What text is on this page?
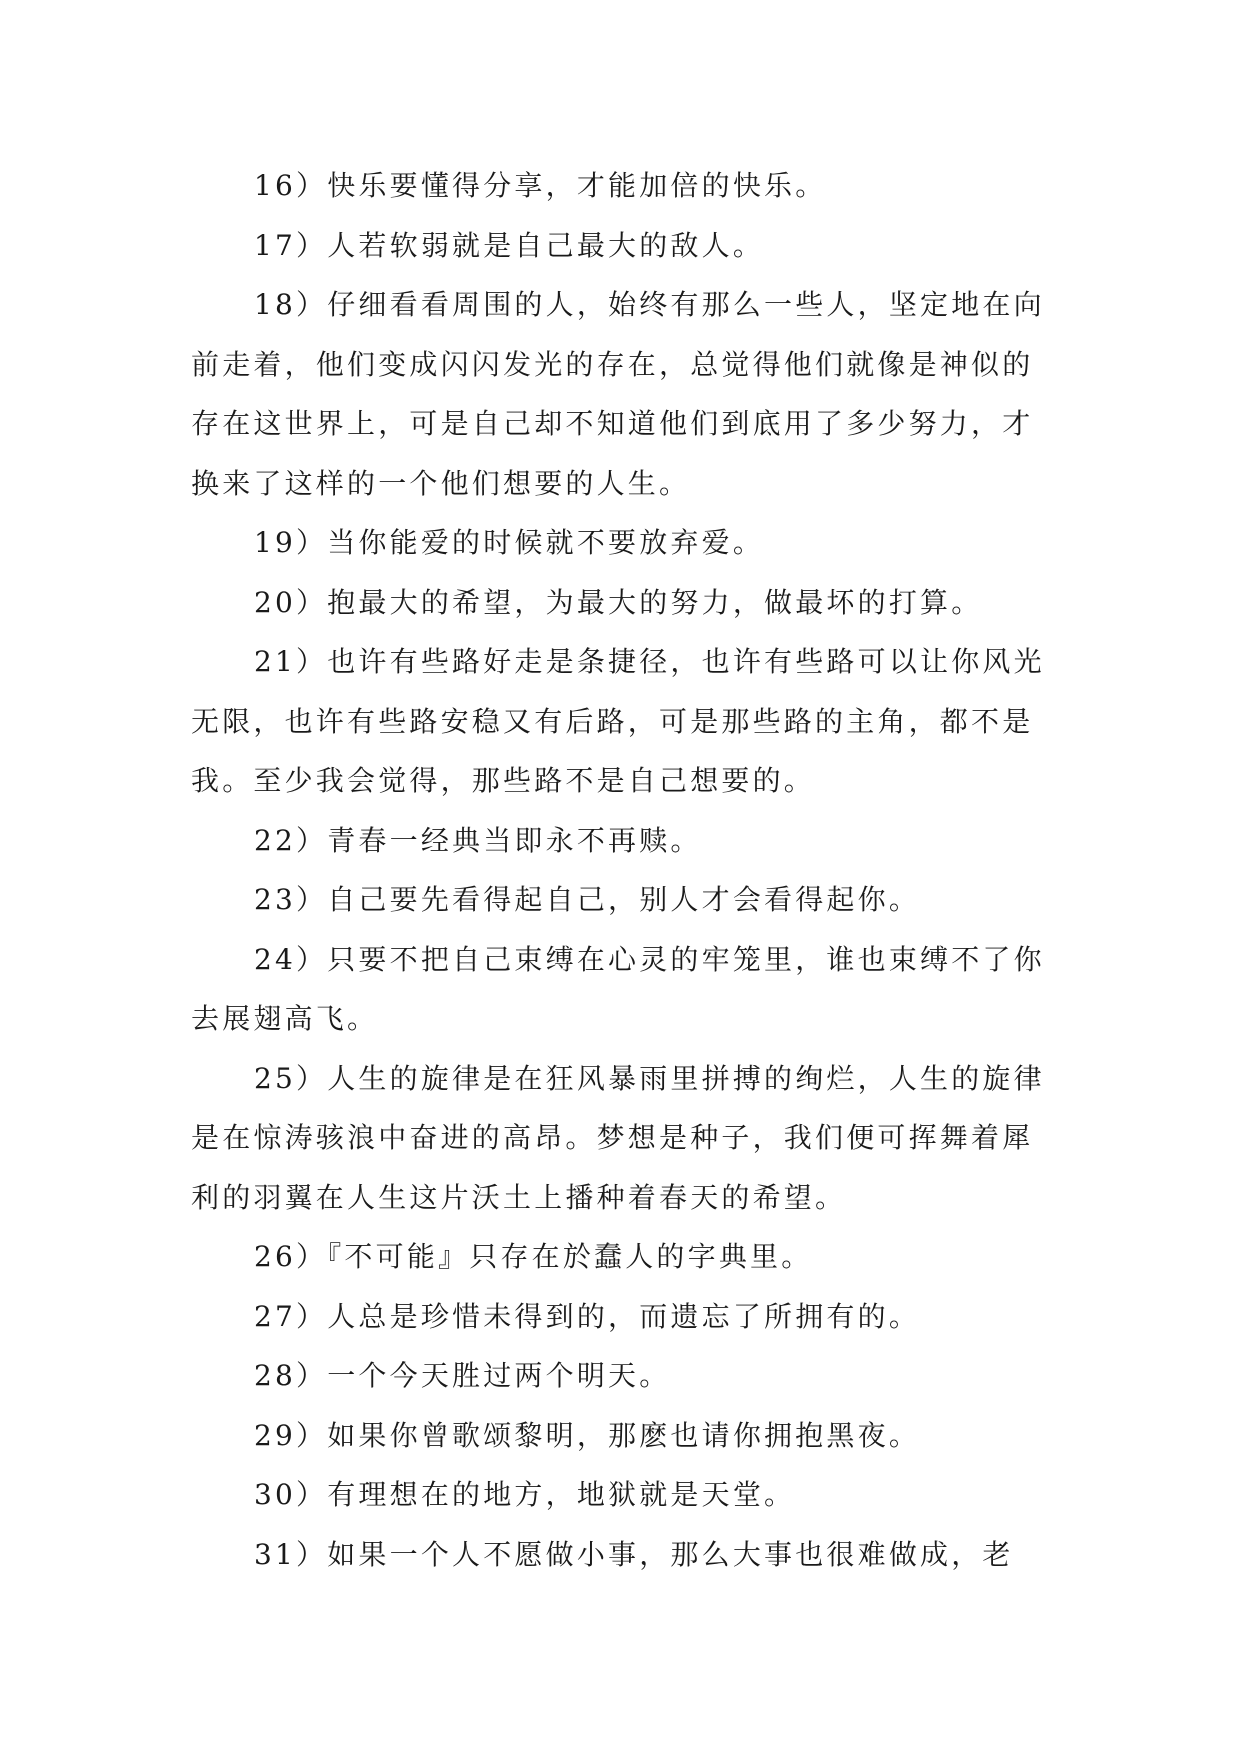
16）快乐要懂得分享，才能加倍的快乐。

17）人若软弱就是自己最大的敌人。

18）仔细看看周围的人，始终有那么一些人，坚定地在向前走着，他们变成闪闪发光的存在，总觉得他们就像是神似的存在这世界上，可是自己却不知道他们到底用了多少努力，才换来了这样的一个他们想要的人生。

19）当你能爱的时候就不要放弃爱。

20）抱最大的希望，为最大的努力，做最坏的打算。

21）也许有些路好走是条捷径，也许有些路可以让你风光无限，也许有些路安稳又有后路，可是那些路的主角，都不是我。至少我会觉得，那些路不是自己想要的。

22）青春一经典当即永不再赎。

23）自己要先看得起自己，别人才会看得起你。

24）只要不把自己束缚在心灵的牢笼里，谁也束缚不了你去展翅高飞。

25）人生的旋律是在狂风暴雨里拼搏的绚烂，人生的旋律是在惊涛骇浪中奋进的高昂。梦想是种子，我们便可挥舞着犀利的羽翼在人生这片沃土上播种着春天的希望。

26）『不可能』只存在於蠢人的字典里。

27）人总是珍惜未得到的，而遗忘了所拥有的。

28）一个今天胜过两个明天。

29）如果你曾歌颂黎明，那麽也请你拥抱黑夜。

30）有理想在的地方，地狱就是天堂。

31）如果一个人不愿做小事，那么大事也很难做成，老
